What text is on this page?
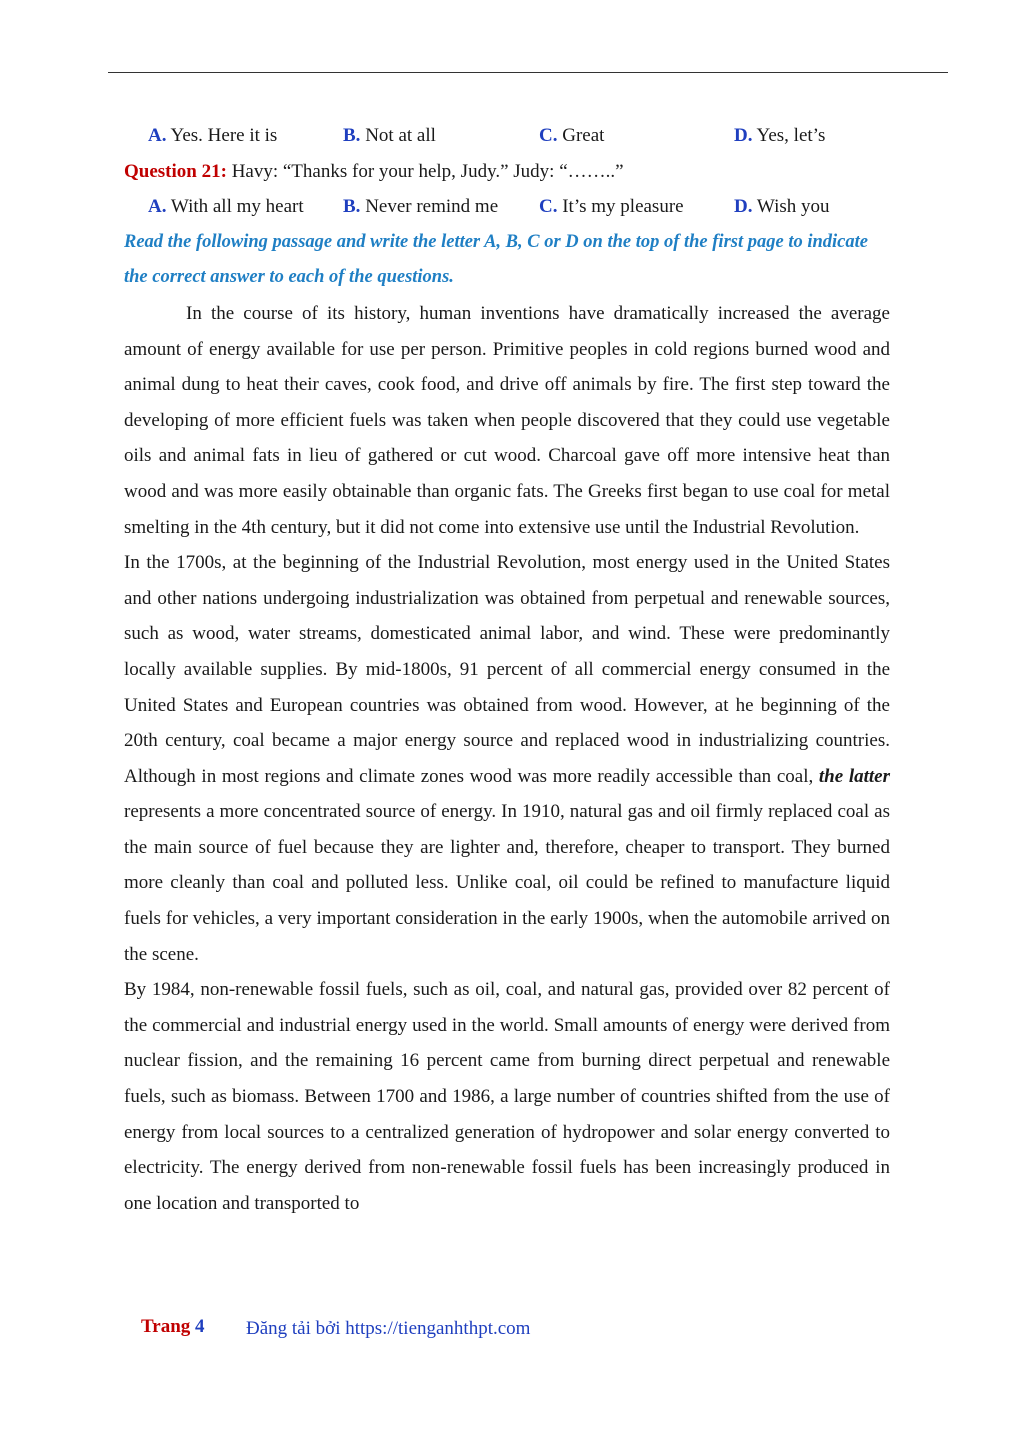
A. Yes. Here it is	B. Not at all	C. Great	D. Yes, let’s
Question 21: Havy: “Thanks for your help, Judy.” Judy: “……..”
A. With all my heart	B. Never remind me	C. It’s my pleasure	D. Wish you
Read the following passage and write the letter A, B, C or D on the top of the first page to indicate the correct answer to each of the questions.

In the course of its history, human inventions have dramatically increased the average amount of energy available for use per person. Primitive peoples in cold regions burned wood and animal dung to heat their caves, cook food, and drive off animals by fire. The first step toward the developing of more efficient fuels was taken when people discovered that they could use vegetable oils and animal fats in lieu of gathered or cut wood. Charcoal gave off more intensive heat than wood and was more easily obtainable than organic fats. The Greeks first began to use coal for metal smelting in the 4th century, but it did not come into extensive use until the Industrial Revolution.

In the 1700s, at the beginning of the Industrial Revolution, most energy used in the United States and other nations undergoing industrialization was obtained from perpetual and renewable sources, such as wood, water streams, domesticated animal labor, and wind. These were predominantly locally available supplies. By mid-1800s, 91 percent of all commercial energy consumed in the United States and European countries was obtained from wood. However, at he beginning of the 20th century, coal became a major energy source and replaced wood in industrializing countries. Although in most regions and climate zones wood was more readily accessible than coal, the latter represents a more concentrated source of energy. In 1910, natural gas and oil firmly replaced coal as the main source of fuel because they are lighter and, therefore, cheaper to transport. They burned more cleanly than coal and polluted less. Unlike coal, oil could be refined to manufacture liquid fuels for vehicles, a very important consideration in the early 1900s, when the automobile arrived on the scene.

By 1984, non-renewable fossil fuels, such as oil, coal, and natural gas, provided over 82 percent of the commercial and industrial energy used in the world. Small amounts of energy were derived from nuclear fission, and the remaining 16 percent came from burning direct perpetual and renewable fuels, such as biomass. Between 1700 and 1986, a large number of countries shifted from the use of energy from local sources to a centralized generation of hydropower and solar energy converted to electricity. The energy derived from non-renewable fossil fuels has been increasingly produced in one location and transported to

Trang 4 Đăng tải bởi https://tienganhthpt.com
